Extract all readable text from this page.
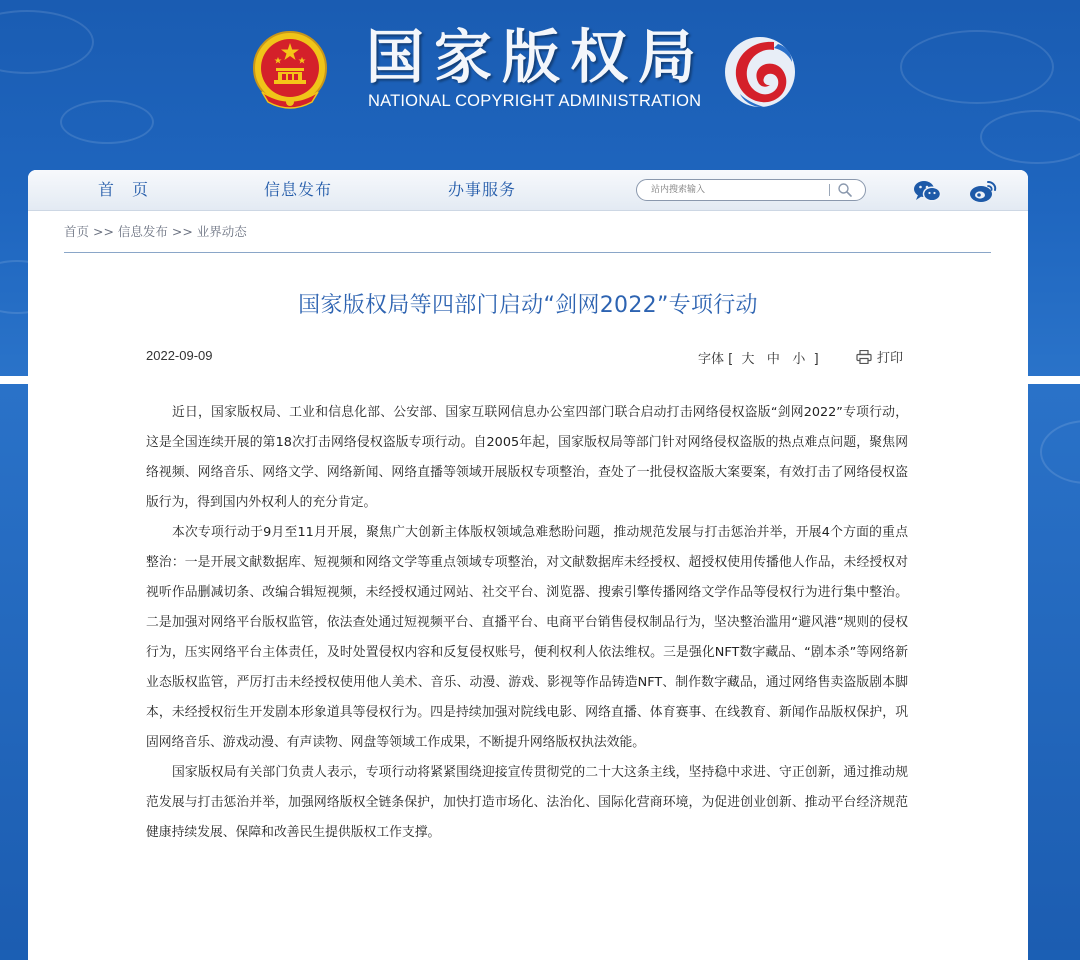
国家版权局
NATIONAL COPYRIGHT ADMINISTRATION
首　页	信息发布	办事服务
站内搜索输入
首页 >> 信息发布 >> 业界动态
国家版权局等四部门启动“剑网2022”专项行动
2022-09-09	字体 [ 大 中 小 ]	打印

近日，国家版权局、工业和信息化部、公安部、国家互联网信息办公室四部门联合启动打击网络侵权盗版“剑网2022”专项行动，这是全国连续开展的第18次打击网络侵权盗版专项行动。自2005年起，国家版权局等部门针对网络侵权盗版的热点难点问题，聚焦网络视频、网络音乐、网络文学、网络新闻、网络直播等领域开展版权专项整治，查处了一批侵权盗版大案要案，有效打击了网络侵权盗版行为，得到国内外权利人的充分肯定。

本次专项行动于9月至11月开展，聚焦广大创新主体版权领域急难愁盼问题，推动规范发展与打击惩治并举，开展4个方面的重点整治：一是开展文献数据库、短视频和网络文学等重点领域专项整治，对文献数据库未经授权、超授权使用传播他人作品，未经授权对视听作品删减切条、改编合辑短视频，未经授权通过网站、社交平台、浏览器、搜索引擎传播网络文学作品等侵权行为进行集中整治。二是加强对网络平台版权监管，依法查处通过短视频平台、直播平台、电商平台销售侵权制品行为，坚决整治滥用“避风港”规则的侵权行为，压实网络平台主体责任，及时处置侵权内容和反复侵权账号，便利权利人依法维权。三是强化NFT数字藏品、“剧本杀”等网络新业态版权监管，严厉打击未经授权使用他人美术、音乐、动漫、游戏、影视等作品铸造NFT、制作数字藏品，通过网络售卖盗版剧本脚本，未经授权衍生开发剧本形象道具等侵权行为。四是持续加强对院线电影、网络直播、体育赛事、在线教育、新闻作品版权保护，巩固网络音乐、游戏动漫、有声读物、网盘等领域工作成果，不断提升网络版权执法效能。

国家版权局有关部门负责人表示，专项行动将紧紧围绕迎接宣传贯彻党的二十大这条主线，坚持稳中求进、守正创新，通过推动规范发展与打击惩治并举，加强网络版权全链条保护，加快打造市场化、法治化、国际化营商环境，为促进创业创新、推动平台经济规范健康持续发展、保障和改善民生提供版权工作支撑。
